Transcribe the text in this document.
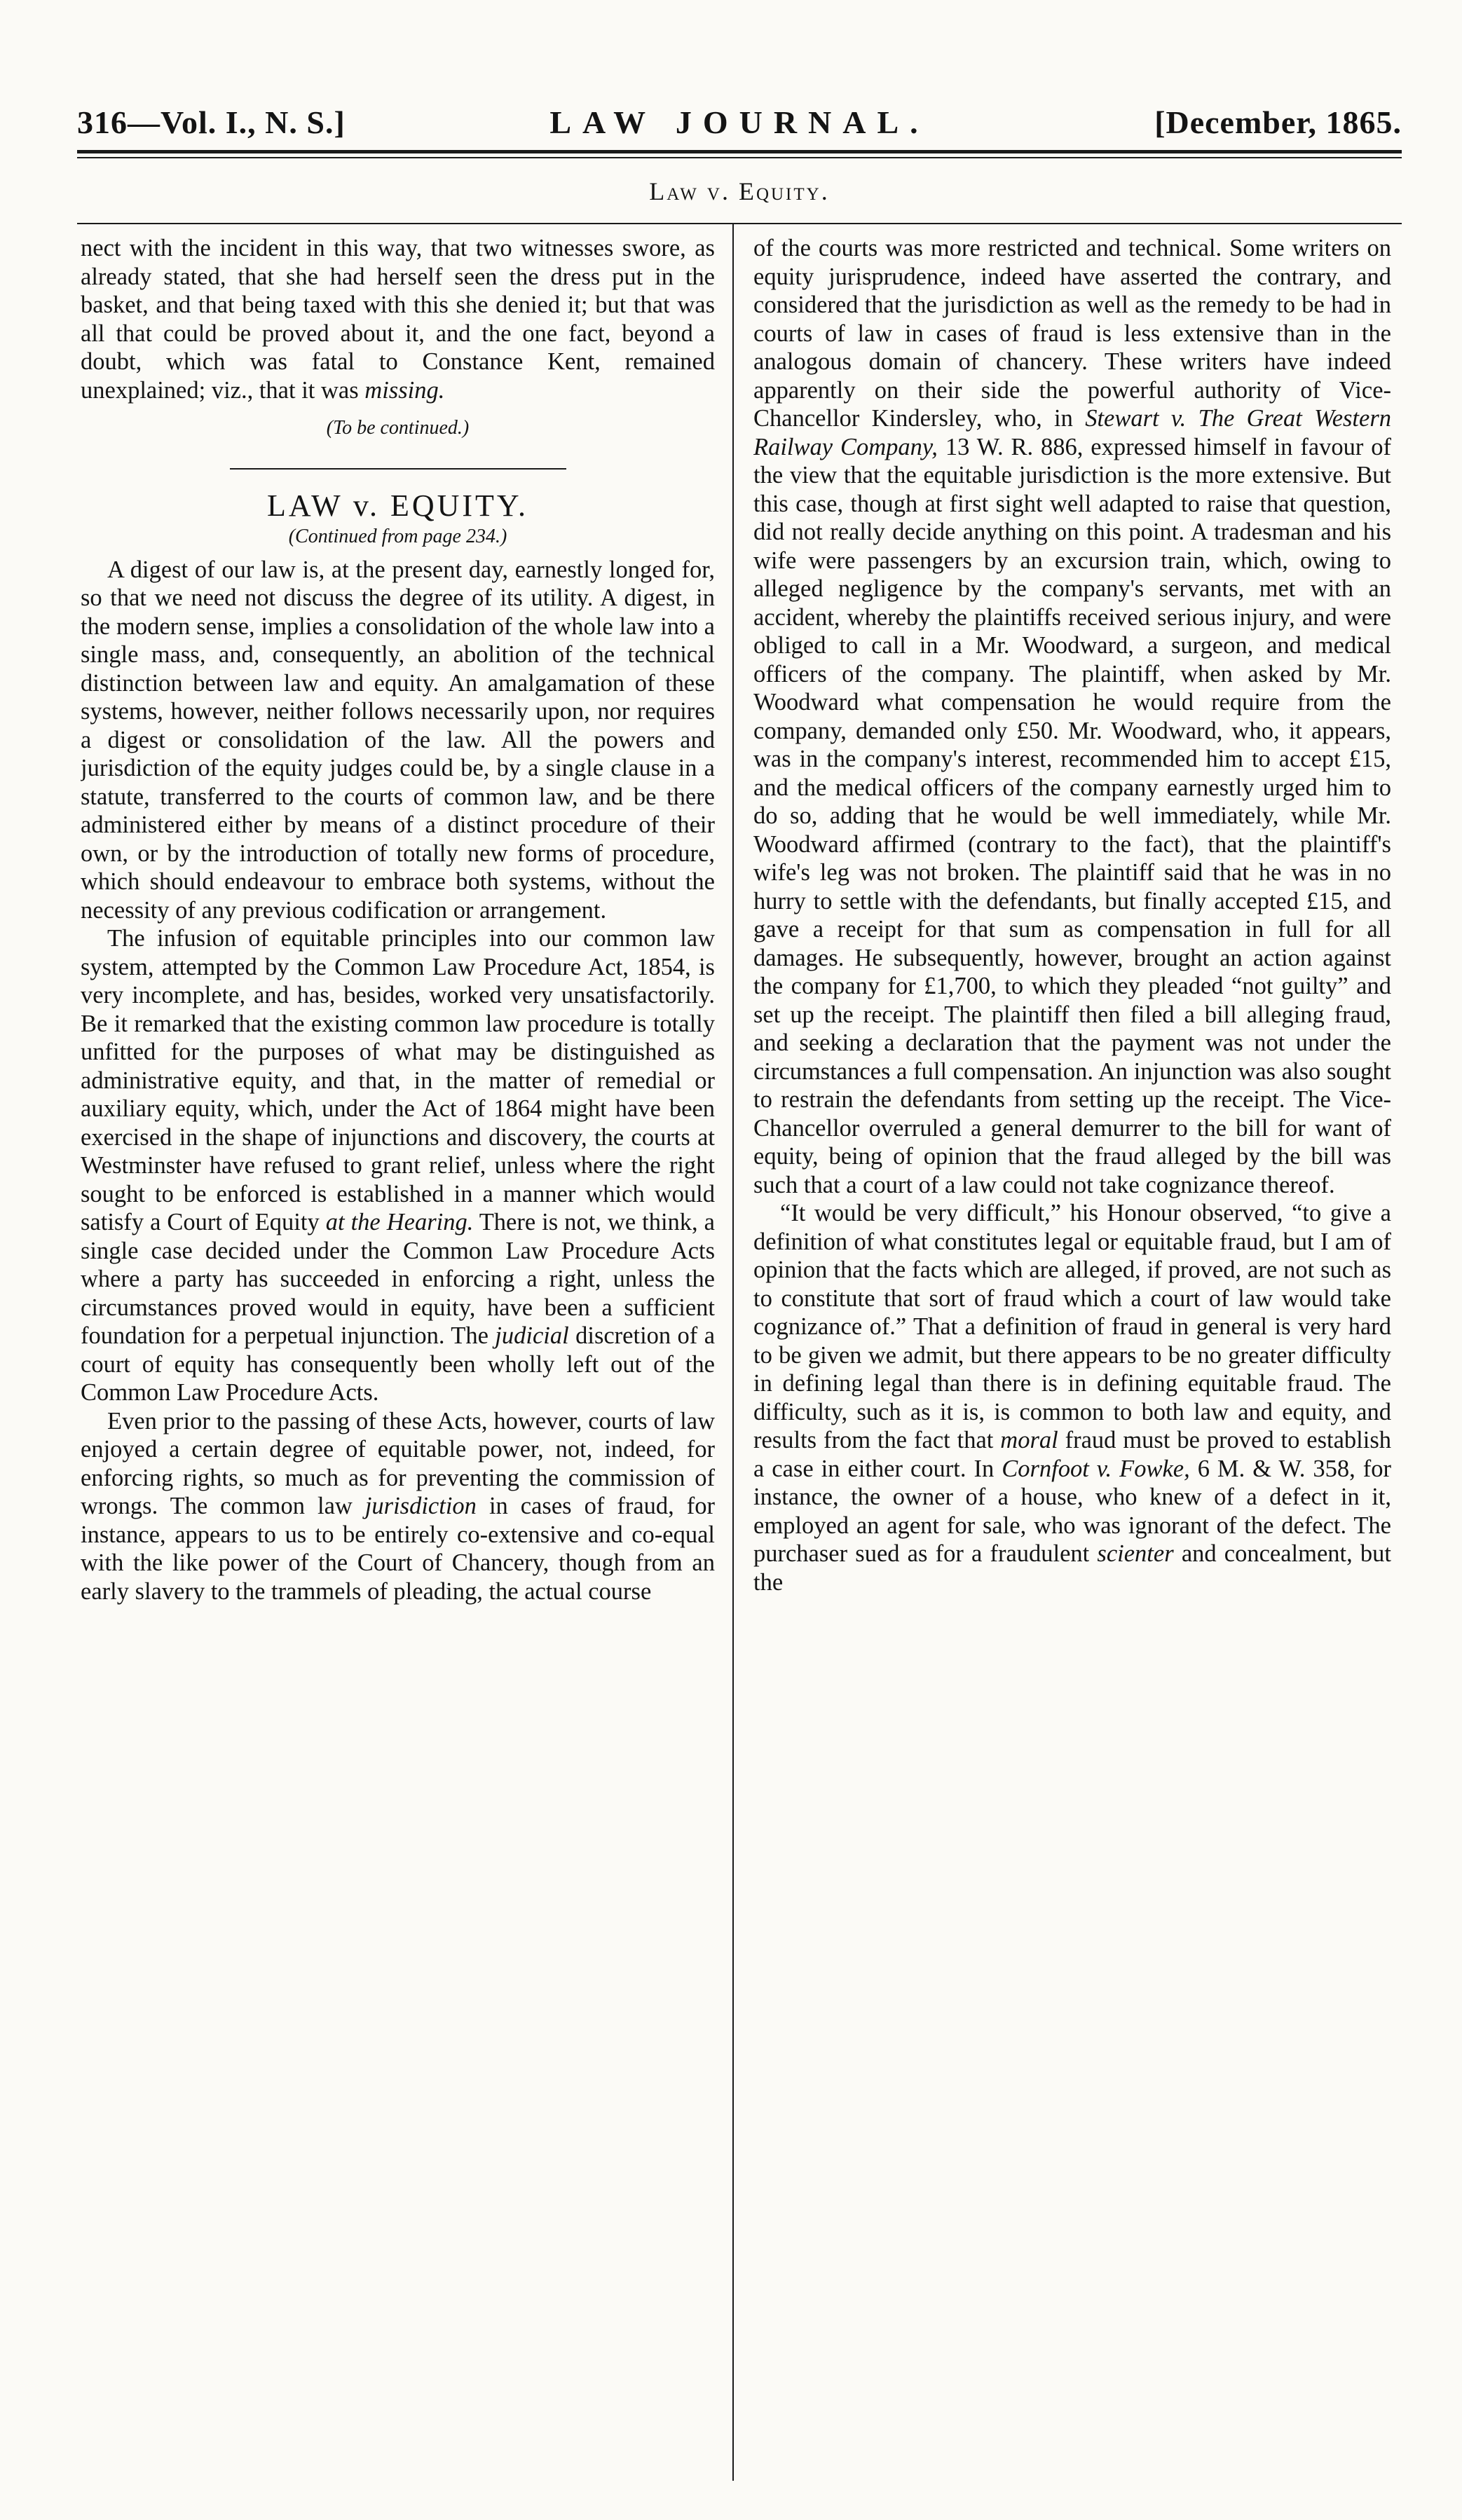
316—Vol. I., N. S.]	LAW JOURNAL.	[December, 1865.
Law v. Equity.

nect with the incident in this way, that two witnesses swore, as already stated, that she had herself seen the dress put in the basket, and that being taxed with this she denied it; but that was all that could be proved about it, and the one fact, beyond a doubt, which was fatal to Constance Kent, remained unexplained; viz., that it was missing.

(To be continued.)

LAW v. EQUITY.

(Continued from page 234.)

A digest of our law is, at the present day, earnestly longed for, so that we need not discuss the degree of its utility. A digest, in the modern sense, implies a consolidation of the whole law into a single mass, and, consequently, an abolition of the technical distinction between law and equity. An amalgamation of these systems, however, neither follows necessarily upon, nor requires a digest or consolidation of the law. All the powers and jurisdiction of the equity judges could be, by a single clause in a statute, transferred to the courts of common law, and be there administered either by means of a distinct procedure of their own, or by the introduction of totally new forms of procedure, which should endeavour to embrace both systems, without the necessity of any previous codification or arrangement.

The infusion of equitable principles into our common law system, attempted by the Common Law Procedure Act, 1854, is very incomplete, and has, besides, worked very unsatisfactorily. Be it remarked that the existing common law procedure is totally unfitted for the purposes of what may be distinguished as administrative equity, and that, in the matter of remedial or auxiliary equity, which, under the Act of 1864 might have been exercised in the shape of injunctions and discovery, the courts at Westminster have refused to grant relief, unless where the right sought to be enforced is established in a manner which would satisfy a Court of Equity at the Hearing. There is not, we think, a single case decided under the Common Law Procedure Acts where a party has succeeded in enforcing a right, unless the circumstances proved would in equity, have been a sufficient foundation for a perpetual injunction. The judicial discretion of a court of equity has consequently been wholly left out of the Common Law Procedure Acts.

Even prior to the passing of these Acts, however, courts of law enjoyed a certain degree of equitable power, not, indeed, for enforcing rights, so much as for preventing the commission of wrongs. The common law jurisdiction in cases of fraud, for instance, appears to us to be entirely co-extensive and co-equal with the like power of the Court of Chancery, though from an early slavery to the trammels of pleading, the actual course

of the courts was more restricted and technical. Some writers on equity jurisprudence, indeed have asserted the contrary, and considered that the jurisdiction as well as the remedy to be had in courts of law in cases of fraud is less extensive than in the analogous domain of chancery. These writers have indeed apparently on their side the powerful authority of Vice-Chancellor Kindersley, who, in Stewart v. The Great Western Railway Company, 13 W. R. 886, expressed himself in favour of the view that the equitable jurisdiction is the more extensive. But this case, though at first sight well adapted to raise that question, did not really decide anything on this point. A tradesman and his wife were passengers by an excursion train, which, owing to alleged negligence by the company's servants, met with an accident, whereby the plaintiffs received serious injury, and were obliged to call in a Mr. Woodward, a surgeon, and medical officers of the company. The plaintiff, when asked by Mr. Woodward what compensation he would require from the company, demanded only £50. Mr. Woodward, who, it appears, was in the company's interest, recommended him to accept £15, and the medical officers of the company earnestly urged him to do so, adding that he would be well immediately, while Mr. Woodward affirmed (contrary to the fact), that the plaintiff's wife's leg was not broken. The plaintiff said that he was in no hurry to settle with the defendants, but finally accepted £15, and gave a receipt for that sum as compensation in full for all damages. He subsequently, however, brought an action against the company for £1,700, to which they pleaded “not guilty” and set up the receipt. The plaintiff then filed a bill alleging fraud, and seeking a declaration that the payment was not under the circumstances a full compensation. An injunction was also sought to restrain the defendants from setting up the receipt. The Vice-Chancellor overruled a general demurrer to the bill for want of equity, being of opinion that the fraud alleged by the bill was such that a court of a law could not take cognizance thereof.

“It would be very difficult,” his Honour observed, “to give a definition of what constitutes legal or equitable fraud, but I am of opinion that the facts which are alleged, if proved, are not such as to constitute that sort of fraud which a court of law would take cognizance of.” That a definition of fraud in general is very hard to be given we admit, but there appears to be no greater difficulty in defining legal than there is in defining equitable fraud. The difficulty, such as it is, is common to both law and equity, and results from the fact that moral fraud must be proved to establish a case in either court. In Cornfoot v. Fowke, 6 M. & W. 358, for instance, the owner of a house, who knew of a defect in it, employed an agent for sale, who was ignorant of the defect. The purchaser sued as for a fraudulent scienter and concealment, but the
